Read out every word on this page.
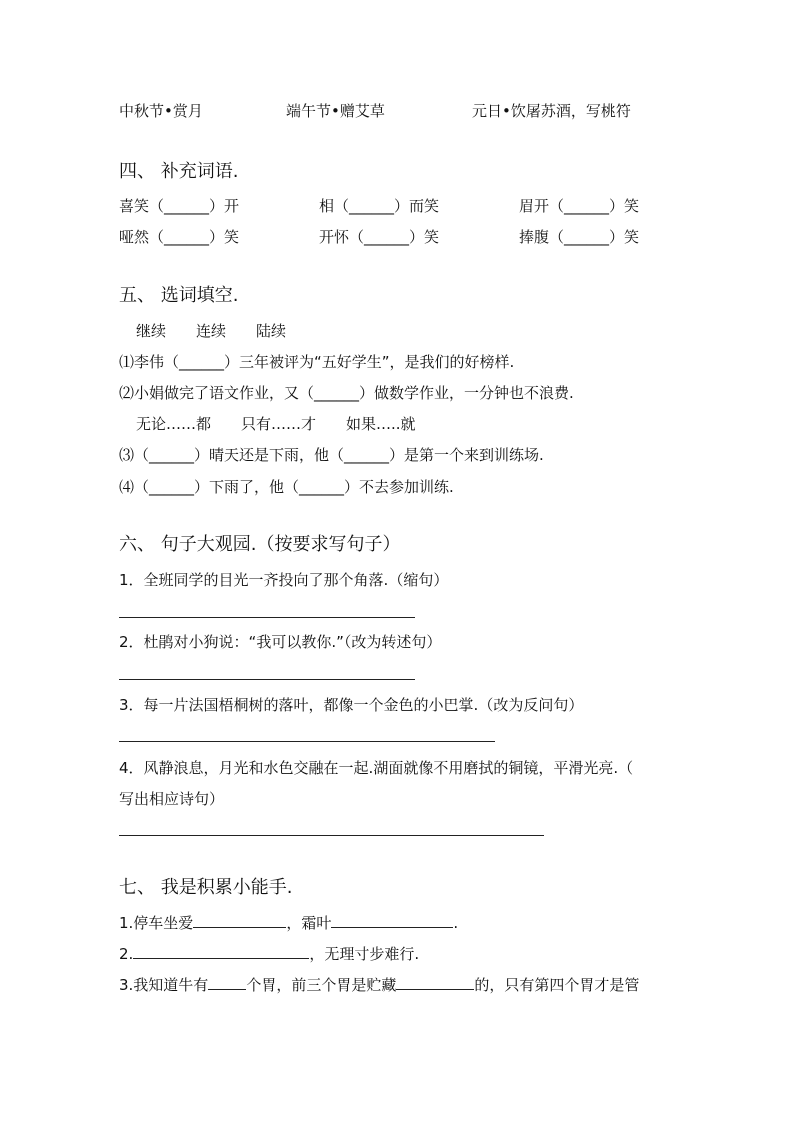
中秋节•赏月	端午节•赠艾草	元日•饮屠苏酒，写桃符
四、 补充词语.
喜笑（______）开	相（______）而笑	眉开（______）笑
哑然（______）笑	开怀（______）笑	捧腹（______）笑
五、 选词填空.
继续　　连续　　陆续
⑴李伟（______）三年被评为“五好学生”，是我们的好榜样.
⑵小娟做完了语文作业，又（______）做数学作业，一分钟也不浪费.
无论……都　　只有……才　　如果…..就
⑶（______）晴天还是下雨，他（______）是第一个来到训练场.
⑷（______）下雨了，他（______）不去参加训练.
六、 句子大观园.（按要求写句子）
1．全班同学的目光一齐投向了那个角落.（缩句）
2．杜鹃对小狗说：“我可以教你.”（改为转述句）
3．每一片法国梧桐树的落叶，都像一个金色的小巴掌.（改为反问句）
4．风静浪息，月光和水色交融在一起.湖面就像不用磨拭的铜镜，平滑光亮.（
写出相应诗句）
七、 我是积累小能手.
1.停车坐爱	，霜叶	.
2.	，无理寸步难行.
3.我知道牛有	个胃，前三个胃是贮藏	的，只有第四个胃才是管
